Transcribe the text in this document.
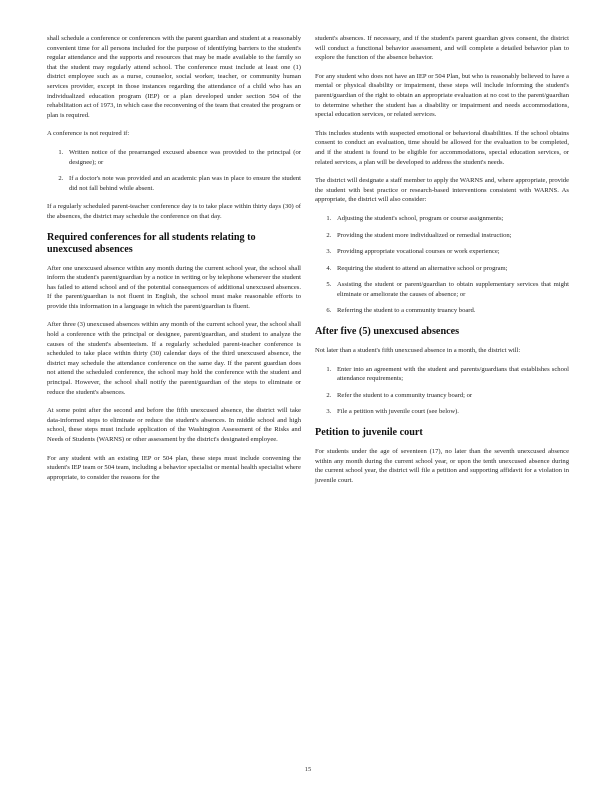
shall schedule a conference or conferences with the parent guardian and student at a reasonably convenient time for all persons included for the purpose of identifying barriers to the student's regular attendance and the supports and resources that may be made available to the family so that the student may regularly attend school. The conference must include at least one (1) district employee such as a nurse, counselor, social worker, teacher, or community human services provider, except in those instances regarding the attendance of a child who has an individualized education program (IEP) or a plan developed under section 504 of the rehabilitation act of 1973, in which case the reconvening of the team that created the program or plan is required.

A conference is not required if:

1. Written notice of the prearranged excused absence was provided to the principal (or designee); or
2. If a doctor's note was provided and an academic plan was in place to ensure the student did not fall behind while absent.

If a regularly scheduled parent-teacher conference day is to take place within thirty days (30) of the absences, the district may schedule the conference on that day.

Required conferences for all students relating to unexcused absences

After one unexcused absence within any month during the current school year, the school shall inform the student's parent/guardian by a notice in writing or by telephone whenever the student has failed to attend school and of the potential consequences of additional unexcused absences. If the parent/guardian is not fluent in English, the school must make reasonable efforts to provide this information in a language in which the parent/guardian is fluent.

After three (3) unexcused absences within any month of the current school year, the school shall hold a conference with the principal or designee, parent/guardian, and student to analyze the causes of the student's absenteeism. If a regularly scheduled parent-teacher conference is scheduled to take place within thirty (30) calendar days of the third unexcused absence, the district may schedule the attendance conference on the same day. If the parent guardian does not attend the scheduled conference, the school may hold the conference with the student and principal. However, the school shall notify the parent/guardian of the steps to eliminate or reduce the student's absences.

At some point after the second and before the fifth unexcused absence, the district will take data-informed steps to eliminate or reduce the student's absences. In middle school and high school, these steps must include application of the Washington Assessment of the Risks and Needs of Students (WARNS) or other assessment by the district's designated employee.

For any student with an existing IEP or 504 plan, these steps must include convening the student's IEP team or 504 team, including a behavior specialist or mental health specialist where appropriate, to consider the reasons for the

student's absences. If necessary, and if the student's parent guardian gives consent, the district will conduct a functional behavior assessment, and will complete a detailed behavior plan to explore the function of the absence behavior.

For any student who does not have an IEP or 504 Plan, but who is reasonably believed to have a mental or physical disability or impairment, these steps will include informing the student's parent/guardian of the right to obtain an appropriate evaluation at no cost to the parent/guardian to determine whether the student has a disability or impairment and needs accommodations, special education services, or related services.

This includes students with suspected emotional or behavioral disabilities. If the school obtains consent to conduct an evaluation, time should be allowed for the evaluation to be completed, and if the student is found to be eligible for accommodations, special education services, or related services, a plan will be developed to address the student's needs.

The district will designate a staff member to apply the WARNS and, where appropriate, provide the student with best practice or research-based interventions consistent with WARNS. As appropriate, the district will also consider:

1. Adjusting the student's school, program or course assignments;
2. Providing the student more individualized or remedial instruction;
3. Providing appropriate vocational courses or work experience;
4. Requiring the student to attend an alternative school or program;
5. Assisting the student or parent/guardian to obtain supplementary services that might eliminate or ameliorate the causes of absence; or
6. Referring the student to a community truancy board.
After five (5) unexcused absences

Not later than a student's fifth unexcused absence in a month, the district will:

1. Enter into an agreement with the student and parents/guardians that establishes school attendance requirements;
2. Refer the student to a community truancy board; or
3. File a petition with juvenile court (see below).
Petition to juvenile court

For students under the age of seventeen (17), no later than the seventh unexcused absence within any month during the current school year, or upon the tenth unexcused absence during the current school year, the district will file a petition and supporting affidavit for a violation in juvenile court.

15
